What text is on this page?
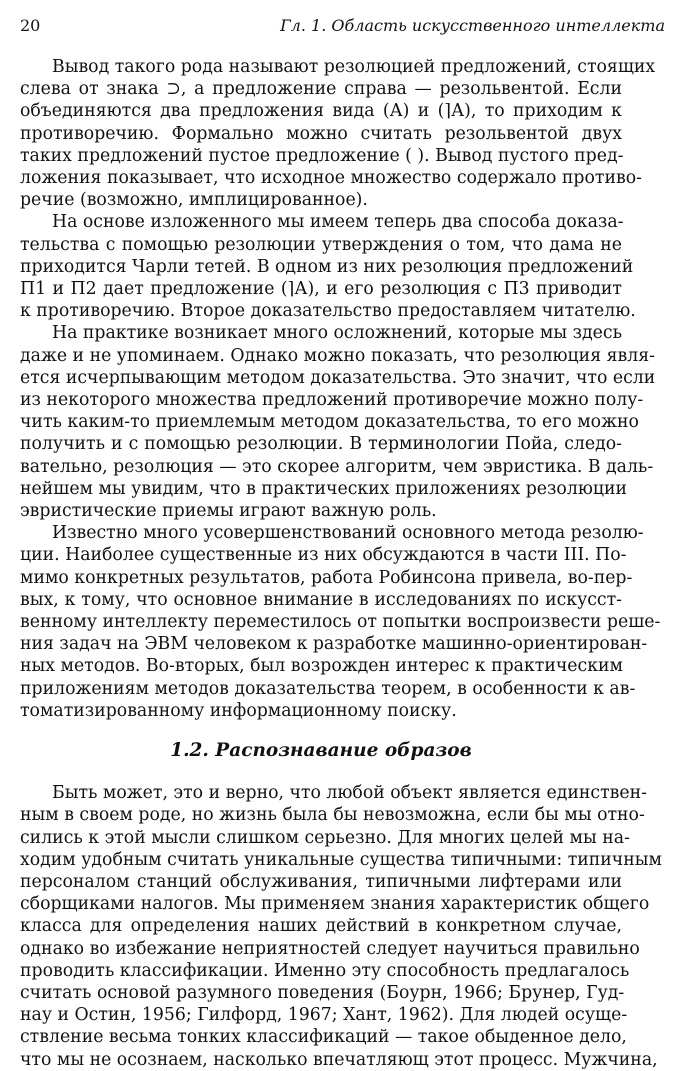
20	Гл. 1. Область искусственного интеллекта
Вывод такого рода называют резолюцией предложений, стоящих
слева от знака ⊃, а предложение справа — резольвентой. Если
объединяются два предложения вида (А) и (⌉А), то приходим к
противоречию. Формально можно считать резольвентой двух
таких предложений пустое предложение ( ). Вывод пустого пред-
ложения показывает, что исходное множество содержало противо-
речие (возможно, имплицированное).
На основе изложенного мы имеем теперь два способа доказа-
тельства с помощью резолюции утверждения о том, что дама не
приходится Чарли тетей. В одном из них резолюция предложений
П1 и П2 дает предложение (⌉А), и его резолюция с П3 приводит
к противоречию. Второе доказательство предоставляем читателю.
На практике возникает много осложнений, которые мы здесь
даже и не упоминаем. Однако можно показать, что резолюция явля-
ется исчерпывающим методом доказательства. Это значит, что если
из некоторого множества предложений противоречие можно полу-
чить каким-то приемлемым методом доказательства, то его можно
получить и с помощью резолюции. В терминологии Пойа, следо-
вательно, резолюция — это скорее алгоритм, чем эвристика. В даль-
нейшем мы увидим, что в практических приложениях резолюции
эвристические приемы играют важную роль.
Известно много усовершенствований основного метода резолю-
ции. Наиболее существенные из них обсуждаются в части III. По-
мимо конкретных результатов, работа Робинсона привела, во-пер-
вых, к тому, что основное внимание в исследованиях по искусст-
венному интеллекту переместилось от попытки воспроизвести реше-
ния задач на ЭВМ человеком к разработке машинно-ориентирован-
ных методов. Во-вторых, был возрожден интерес к практическим
приложениям методов доказательства теорем, в особенности к ав-
томатизированному информационному поиску.
1.2. Распознавание образов
Быть может, это и верно, что любой объект является единствен-
ным в своем роде, но жизнь была бы невозможна, если бы мы отно-
сились к этой мысли слишком серьезно. Для многих целей мы на-
ходим удобным считать уникальные существа типичными: типичным
персоналом станций обслуживания, типичными лифтерами или
сборщиками налогов. Мы применяем знания характеристик общего
класса для определения наших действий в конкретном случае,
однако во избежание неприятностей следует научиться правильно
проводить классификации. Именно эту способность предлагалось
считать основой разумного поведения (Боурн, 1966; Брунер, Гуд-
нау и Остин, 1956; Гилфорд, 1967; Хант, 1962). Для людей осуще-
ствление весьма тонких классификаций — такое обыденное дело,
что мы не осознаем, насколько впечатляющ этот процесс. Мужчина,
